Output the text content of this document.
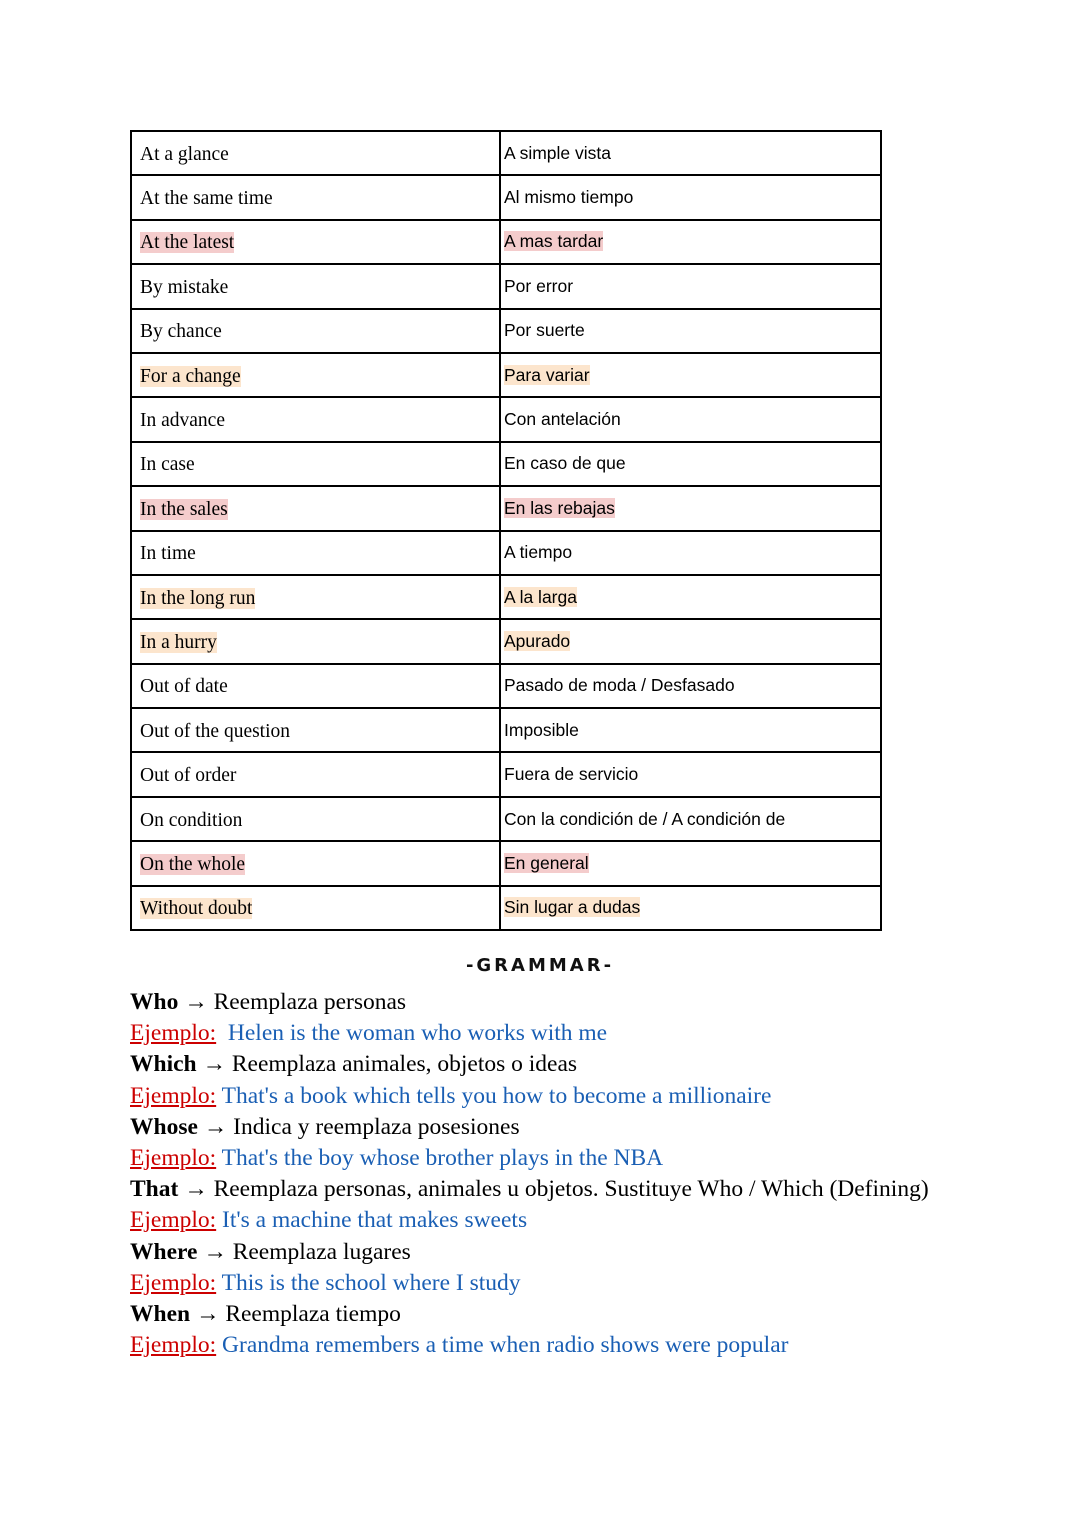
At a glance	A simple vista
At the same time	Al mismo tiempo
At the latest	A mas tardar
By mistake	Por error
By chance	Por suerte
For a change	Para variar
In advance	Con antelación
In case	En caso de que
In the sales	En las rebajas
In time	A tiempo
In the long run	A la larga
In a hurry	Apurado
Out of date	Pasado de moda / Desfasado
Out of the question	Imposible
Out of order	Fuera de servicio
On condition	Con la condición de / A condición de
On the whole	En general
Without doubt	Sin lugar a dudas
-GRAMMAR-
Who → Reemplaza personas
Ejemplo:  Helen is the woman who works with me
Which → Reemplaza animales, objetos o ideas
Ejemplo: That's a book which tells you how to become a millionaire
Whose → Indica y reemplaza posesiones
Ejemplo: That's the boy whose brother plays in the NBA
That → Reemplaza personas, animales u objetos. Sustituye Who / Which (Defining)
Ejemplo: It's a machine that makes sweets
Where → Reemplaza lugares
Ejemplo: This is the school where I study
When → Reemplaza tiempo
Ejemplo: Grandma remembers a time when radio shows were popular
